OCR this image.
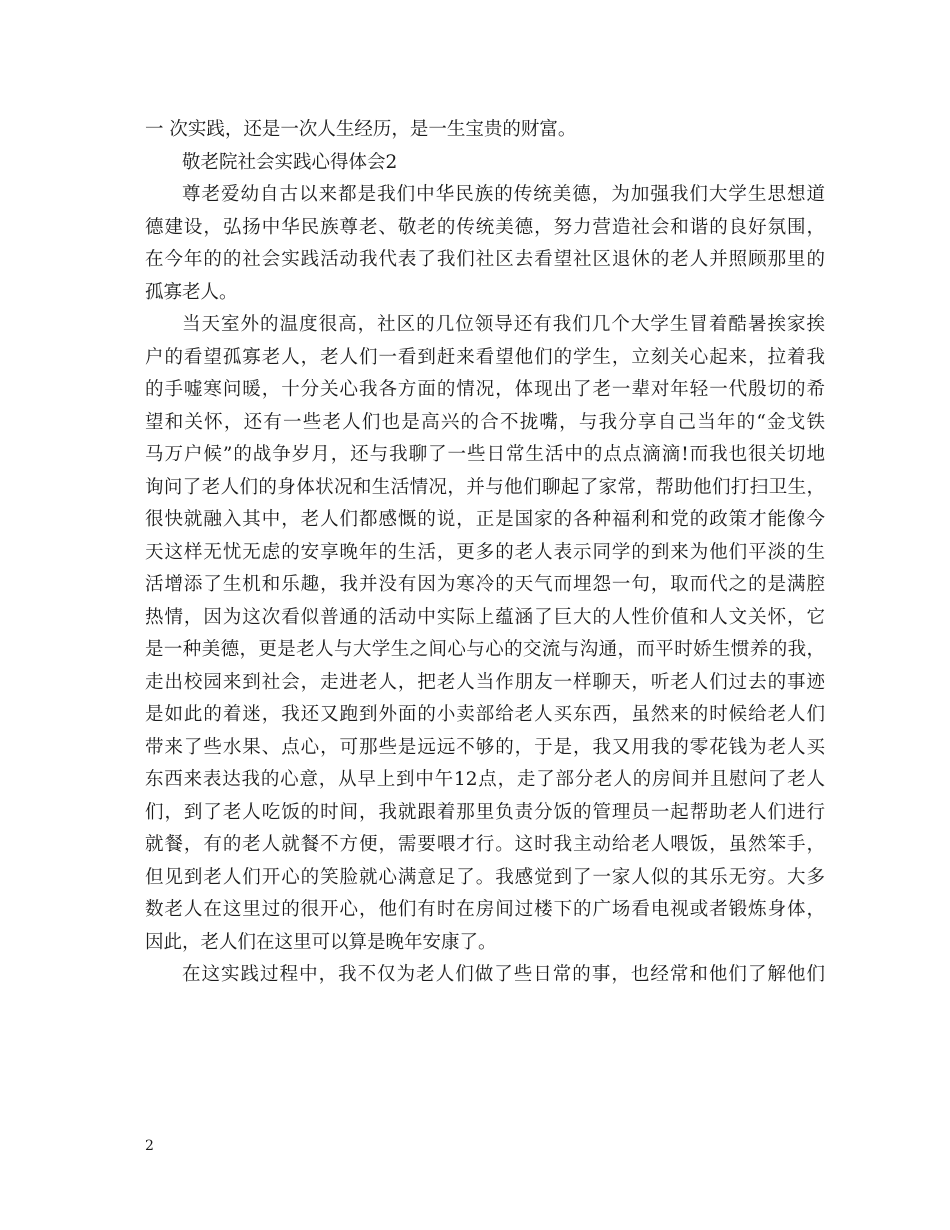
一 次实践，还是一次人生经历，是一生宝贵的财富。

敬老院社会实践心得体会2

尊老爱幼自古以来都是我们中华民族的传统美德，为加强我们大学生思想道
德建设，弘扬中华民族尊老、敬老的传统美德，努力营造社会和谐的良好氛围，
在今年的的社会实践活动我代表了我们社区去看望社区退休的老人并照顾那里的
孤寡老人。

当天室外的温度很高，社区的几位领导还有我们几个大学生冒着酷暑挨家挨
户的看望孤寡老人，老人们一看到赶来看望他们的学生，立刻关心起来，拉着我
的手嘘寒问暖，十分关心我各方面的情况，体现出了老一辈对年轻一代殷切的希
望和关怀，还有一些老人们也是高兴的合不拢嘴，与我分享自己当年的“金戈铁
马万户候”的战争岁月，还与我聊了一些日常生活中的点点滴滴!而我也很关切地
询问了老人们的身体状况和生活情况，并与他们聊起了家常，帮助他们打扫卫生，
很快就融入其中，老人们都感慨的说，正是国家的各种福利和党的政策才能像今
天这样无忧无虑的安享晚年的生活，更多的老人表示同学的到来为他们平淡的生
活增添了生机和乐趣，我并没有因为寒冷的天气而埋怨一句，取而代之的是满腔
热情，因为这次看似普通的活动中实际上蕴涵了巨大的人性价值和人文关怀，它
是一种美德，更是老人与大学生之间心与心的交流与沟通，而平时娇生惯养的我，
走出校园来到社会，走进老人，把老人当作朋友一样聊天，听老人们过去的事迹
是如此的着迷，我还又跑到外面的小卖部给老人买东西，虽然来的时候给老人们
带来了些水果、点心，可那些是远远不够的，于是，我又用我的零花钱为老人买
东西来表达我的心意，从早上到中午12点，走了部分老人的房间并且慰问了老人
们，到了老人吃饭的时间，我就跟着那里负责分饭的管理员一起帮助老人们进行
就餐，有的老人就餐不方便，需要喂才行。这时我主动给老人喂饭，虽然笨手，
但见到老人们开心的笑脸就心满意足了。我感觉到了一家人似的其乐无穷。大多
数老人在这里过的很开心，他们有时在房间过楼下的广场看电视或者锻炼身体，
因此，老人们在这里可以算是晚年安康了。

在这实践过程中，我不仅为老人们做了些日常的事，也经常和他们了解他们

2
